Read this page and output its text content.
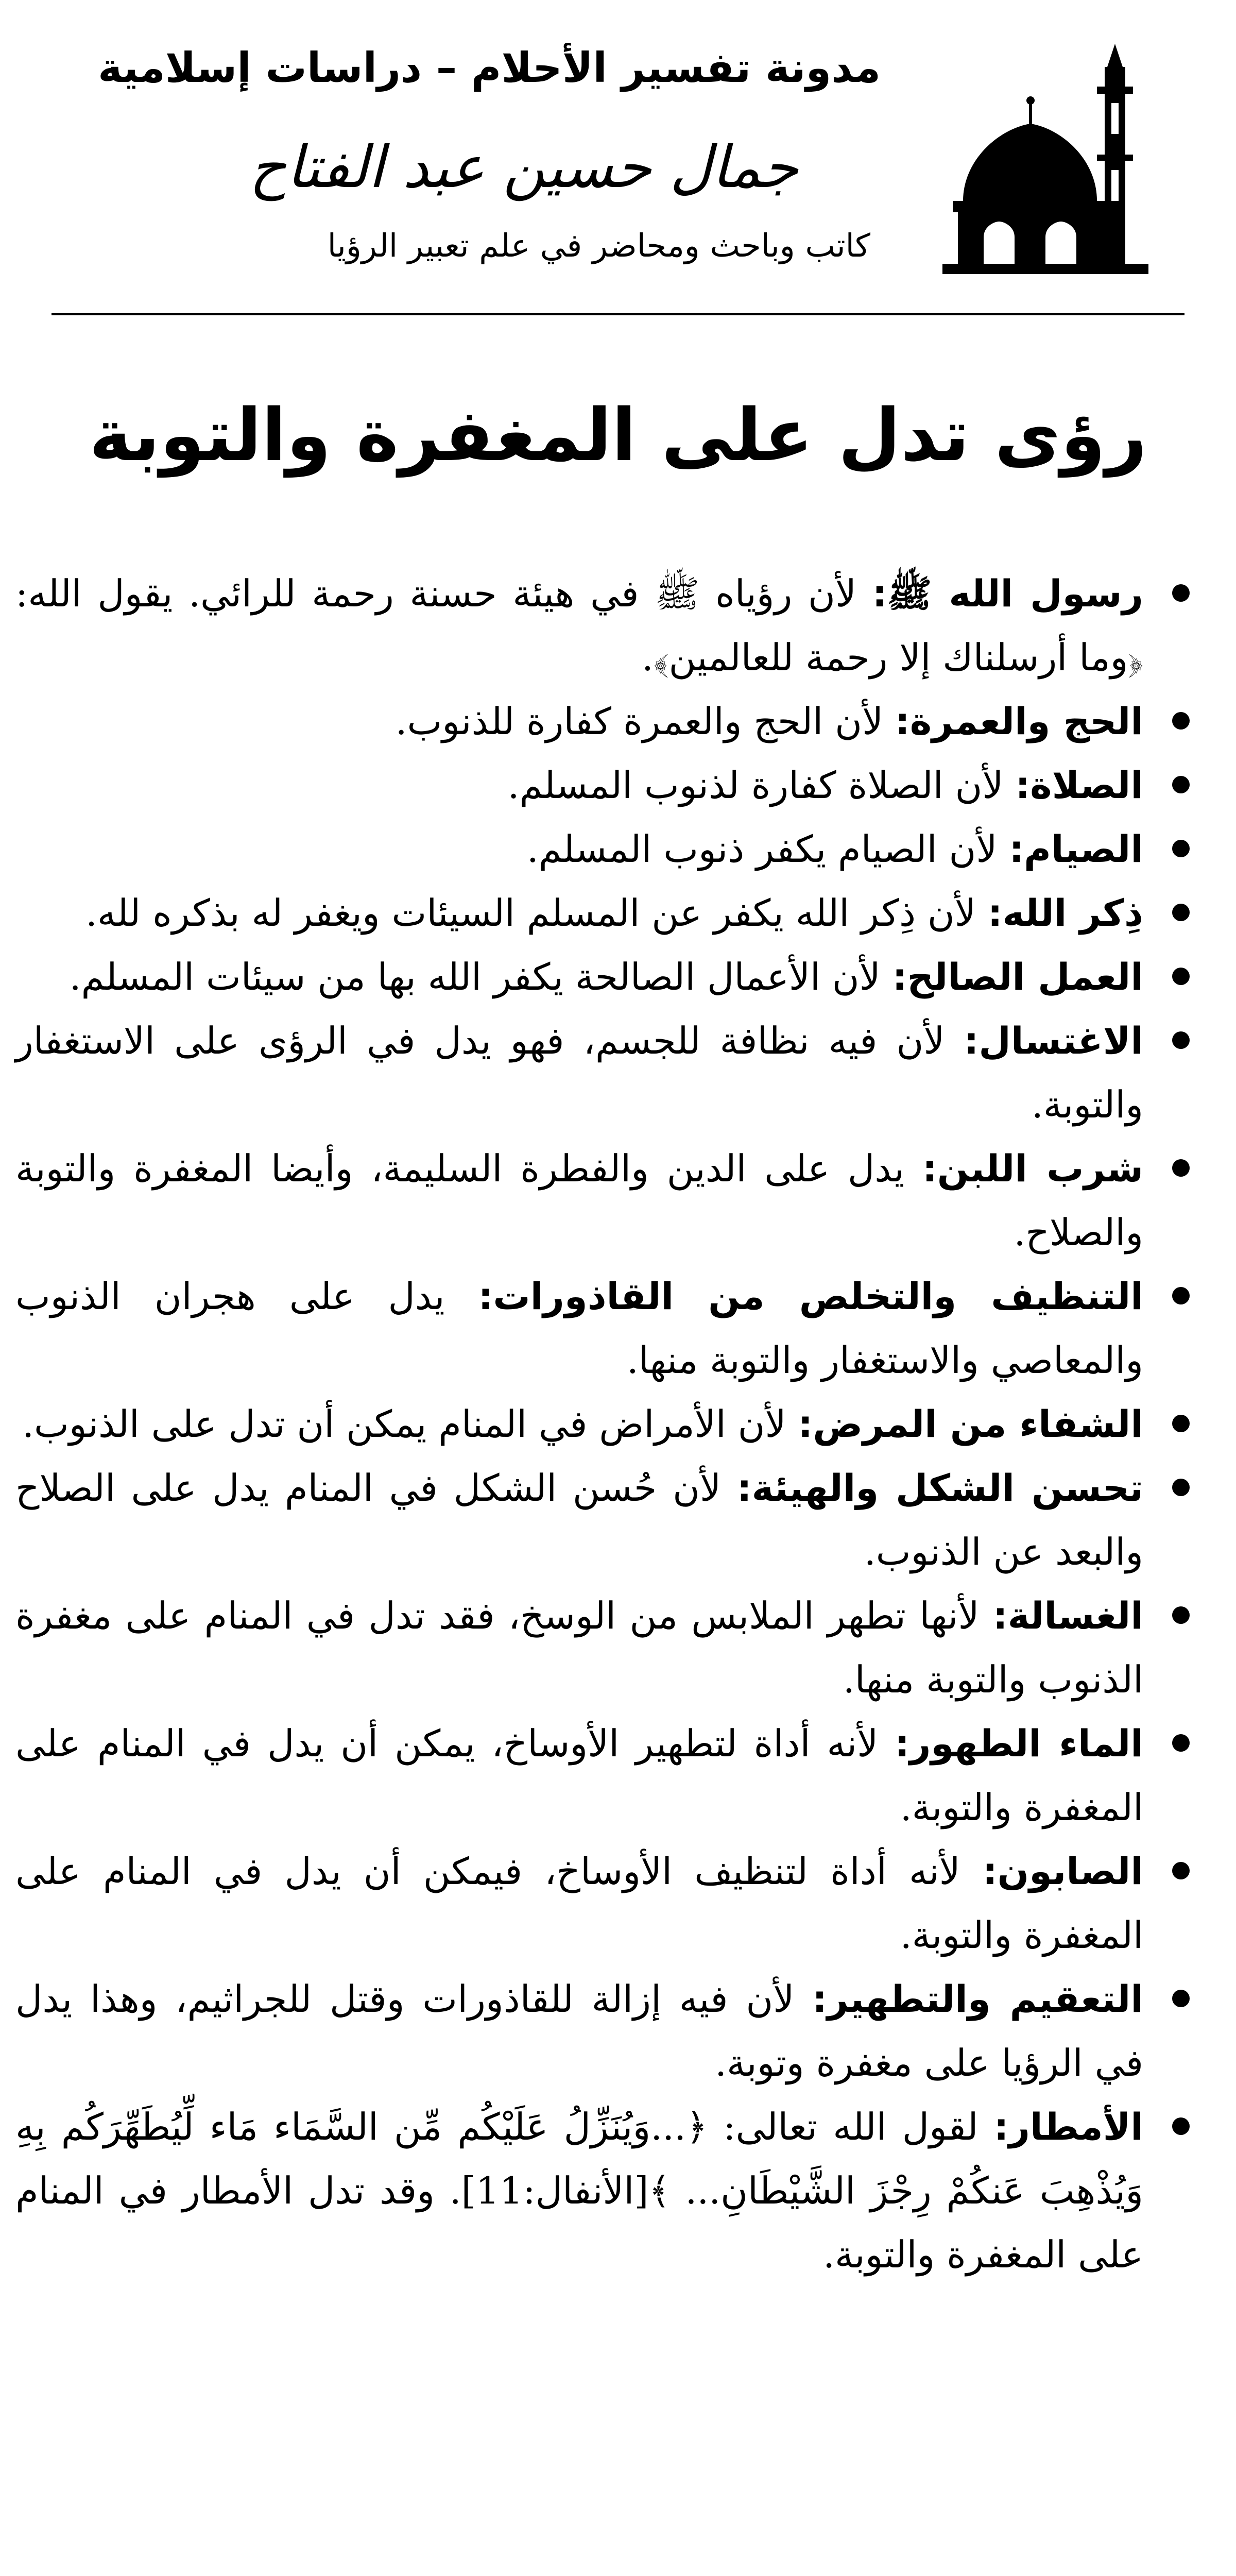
مدونة تفسير الأحلام – دراسات إسلامية
جمال حسين عبد الفتاح
كاتب وباحث ومحاضر في علم تعبير الرؤيا
رؤى تدل على المغفرة والتوبة
رسول الله ﷺ: لأن رؤياه ﷺ في هيئة حسنة رحمة للرائي. يقول الله: ﴿وما أرسلناك إلا رحمة للعالمين﴾.
الحج والعمرة: لأن الحج والعمرة كفارة للذنوب.
الصلاة: لأن الصلاة كفارة لذنوب المسلم.
الصيام: لأن الصيام يكفر ذنوب المسلم.
ذِكر الله: لأن ذِكر الله يكفر عن المسلم السيئات ويغفر له بذكره لله.
العمل الصالح: لأن الأعمال الصالحة يكفر الله بها من سيئات المسلم.
الاغتسال: لأن فيه نظافة للجسم، فهو يدل في الرؤى على الاستغفار والتوبة.
شرب اللبن: يدل على الدين والفطرة السليمة، وأيضا المغفرة والتوبة والصلاح.
التنظيف والتخلص من القاذورات: يدل على هجران الذنوب والمعاصي والاستغفار والتوبة منها.
الشفاء من المرض: لأن الأمراض في المنام يمكن أن تدل على الذنوب.
تحسن الشكل والهيئة: لأن حُسن الشكل في المنام يدل على الصلاح والبعد عن الذنوب.
الغسالة: لأنها تطهر الملابس من الوسخ، فقد تدل في المنام على مغفرة الذنوب والتوبة منها.
الماء الطهور: لأنه أداة لتطهير الأوساخ، يمكن أن يدل في المنام على المغفرة والتوبة.
الصابون: لأنه أداة لتنظيف الأوساخ، فيمكن أن يدل في المنام على المغفرة والتوبة.
التعقيم والتطهير: لأن فيه إزالة للقاذورات وقتل للجراثيم، وهذا يدل في الرؤيا على مغفرة وتوبة.
الأمطار: لقول الله تعالى: ﴿...وَيُنَزِّلُ عَلَيْكُم مِّن السَّمَاء مَاء لِّيُطَهِّرَكُم بِهِ وَيُذْهِبَ عَنكُمْ رِجْزَ الشَّيْطَانِ... ﴾[الأنفال:11]. وقد تدل الأمطار في المنام على المغفرة والتوبة.
